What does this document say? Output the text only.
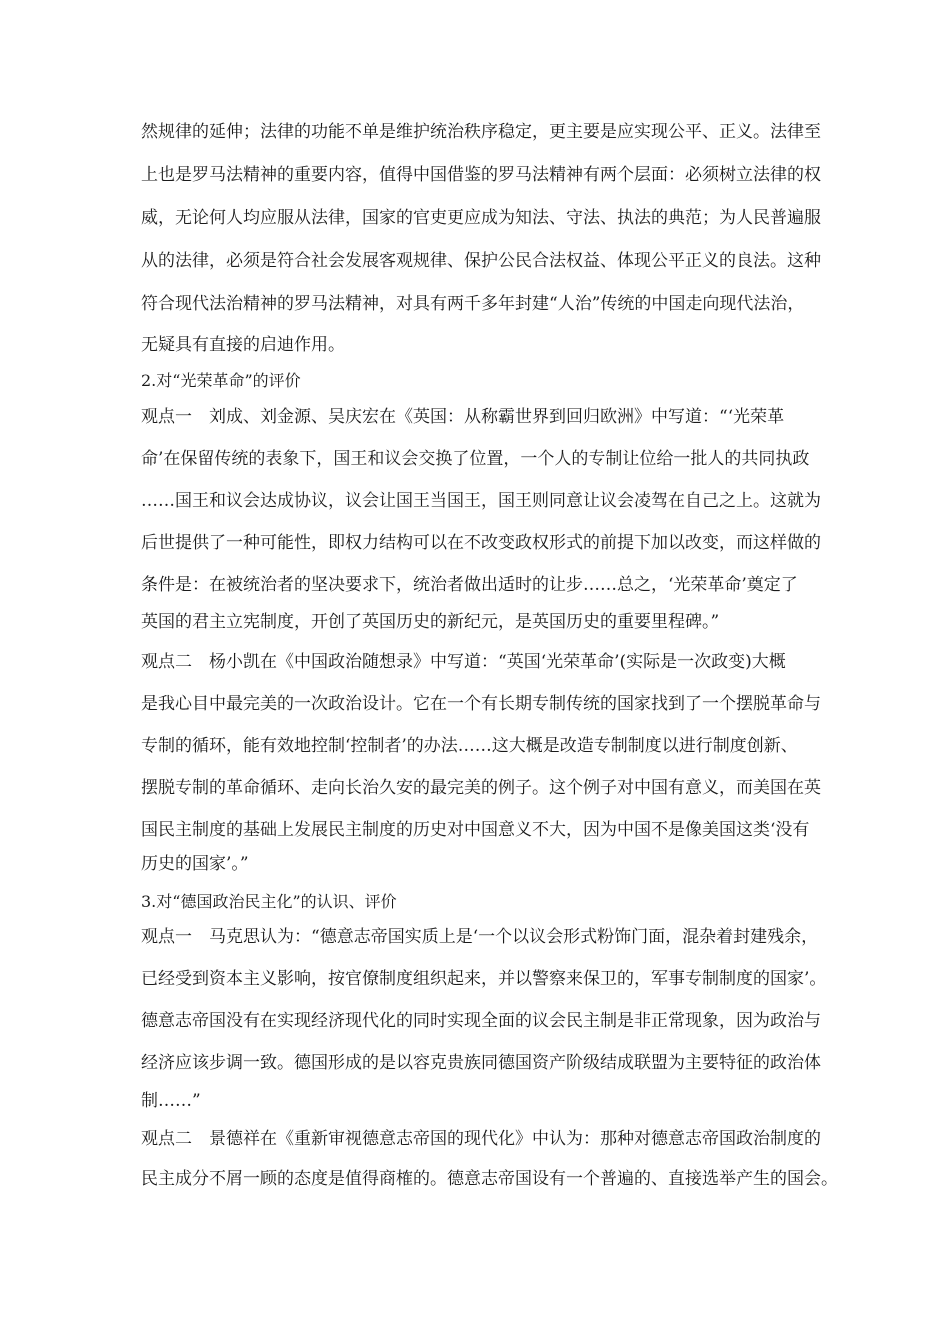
然规律的延伸；法律的功能不单是维护统治秩序稳定，更主要是应实现公平、正义。法律至
上也是罗马法精神的重要内容，值得中国借鉴的罗马法精神有两个层面：必须树立法律的权
威，无论何人均应服从法律，国家的官吏更应成为知法、守法、执法的典范；为人民普遍服
从的法律，必须是符合社会发展客观规律、保护公民合法权益、体现公平正义的良法。这种
符合现代法治精神的罗马法精神，对具有两千多年封建“人治”传统的中国走向现代法治，
无疑具有直接的启迪作用。
2.对“光荣革命”的评价
观点一　刘成、刘金源、吴庆宏在《英国：从称霸世界到回归欧洲》中写道：“‘光荣革
命’在保留传统的表象下，国王和议会交换了位置，一个人的专制让位给一批人的共同执政
……国王和议会达成协议，议会让国王当国王，国王则同意让议会凌驾在自己之上。这就为
后世提供了一种可能性，即权力结构可以在不改变政权形式的前提下加以改变，而这样做的
条件是：在被统治者的坚决要求下，统治者做出适时的让步……总之，‘光荣革命’奠定了
英国的君主立宪制度，开创了英国历史的新纪元，是英国历史的重要里程碑。”
观点二　杨小凯在《中国政治随想录》中写道：“英国‘光荣革命’(实际是一次政变)大概
是我心目中最完美的一次政治设计。它在一个有长期专制传统的国家找到了一个摆脱革命与
专制的循环，能有效地控制‘控制者’的办法……这大概是改造专制制度以进行制度创新、
摆脱专制的革命循环、走向长治久安的最完美的例子。这个例子对中国有意义，而美国在英
国民主制度的基础上发展民主制度的历史对中国意义不大，因为中国不是像美国这类‘没有
历史的国家’。”
3.对“德国政治民主化”的认识、评价
观点一　马克思认为：“德意志帝国实质上是‘一个以议会形式粉饰门面，混杂着封建残余，
已经受到资本主义影响，按官僚制度组织起来，并以警察来保卫的，军事专制制度的国家’。
德意志帝国没有在实现经济现代化的同时实现全面的议会民主制是非正常现象，因为政治与
经济应该步调一致。德国形成的是以容克贵族同德国资产阶级结成联盟为主要特征的政治体
制……”
观点二　景德祥在《重新审视德意志帝国的现代化》中认为：那种对德意志帝国政治制度的
民主成分不屑一顾的态度是值得商榷的。德意志帝国设有一个普遍的、直接选举产生的国会。
